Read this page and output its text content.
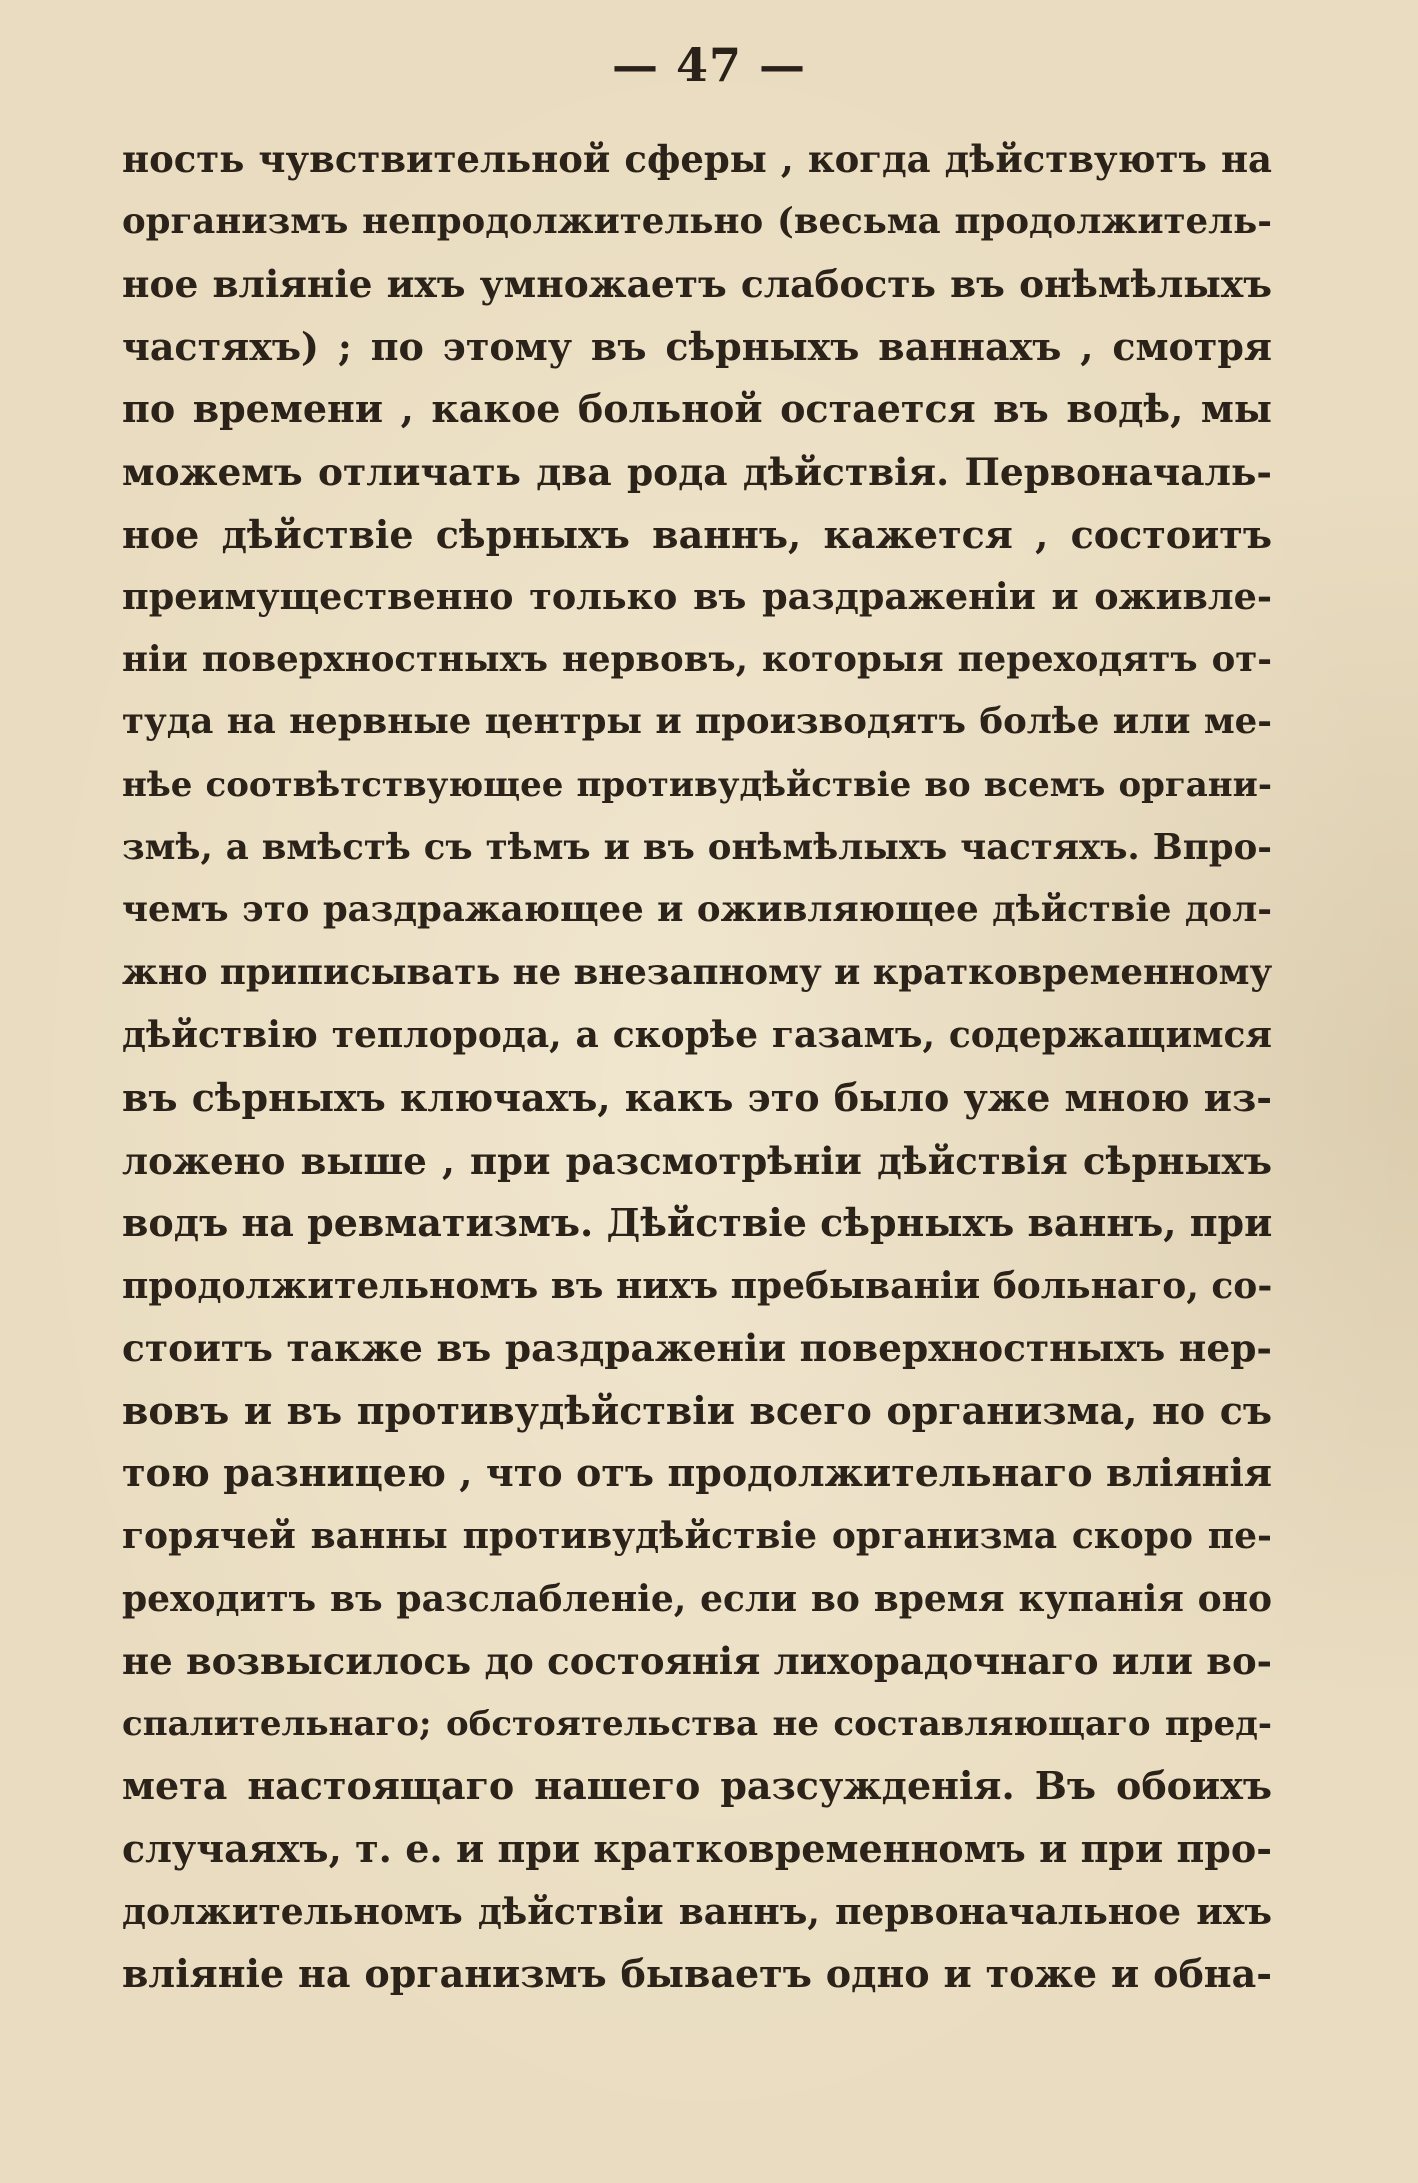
— 47 —
ность чувствительной сферы , когда дѣйствуютъ на
организмъ непродолжительно (весьма продолжитель-
ное вліяніе ихъ умножаетъ слабость въ онѣмѣлыхъ
частяхъ) ; по этому въ сѣрныхъ ваннахъ , смотря
по времени , какое больной остается въ водѣ, мы
можемъ отличать два рода дѣйствія. Первоначаль-
ное дѣйствіе сѣрныхъ ваннъ, кажется , состоитъ
преимущественно только въ раздраженіи и оживле-
ніи поверхностныхъ нервовъ, которыя переходятъ от-
туда на нервные центры и производятъ болѣе или ме-
нѣе соотвѣтствующее противудѣйствіе во всемъ органи-
змѣ, а вмѣстѣ съ тѣмъ и въ онѣмѣлыхъ частяхъ. Впро-
чемъ это раздражающее и оживляющее дѣйствіе дол-
жно приписывать не внезапному и кратковременному
дѣйствію теплорода, а скорѣе газамъ, содержащимся
въ сѣрныхъ ключахъ, какъ это было уже мною из-
ложено выше , при разсмотрѣніи дѣйствія сѣрныхъ
водъ на ревматизмъ. Дѣйствіе сѣрныхъ ваннъ, при
продолжительномъ въ нихъ пребываніи больнаго, со-
стоитъ также въ раздраженіи поверхностныхъ нер-
вовъ и въ противудѣйствіи всего организма, но съ
тою разницею , что отъ продолжительнаго вліянія
горячей ванны противудѣйствіе организма скоро пе-
реходитъ въ разслабленіе, если во время купанія оно
не возвысилось до состоянія лихорадочнаго или во-
спалительнаго; обстоятельства не составляющаго пред-
мета настоящаго нашего разсужденія. Въ обоихъ
случаяхъ, т. е. и при кратковременномъ и при про-
должительномъ дѣйствіи ваннъ, первоначальное ихъ
вліяніе на организмъ бываетъ одно и тоже и обна-
